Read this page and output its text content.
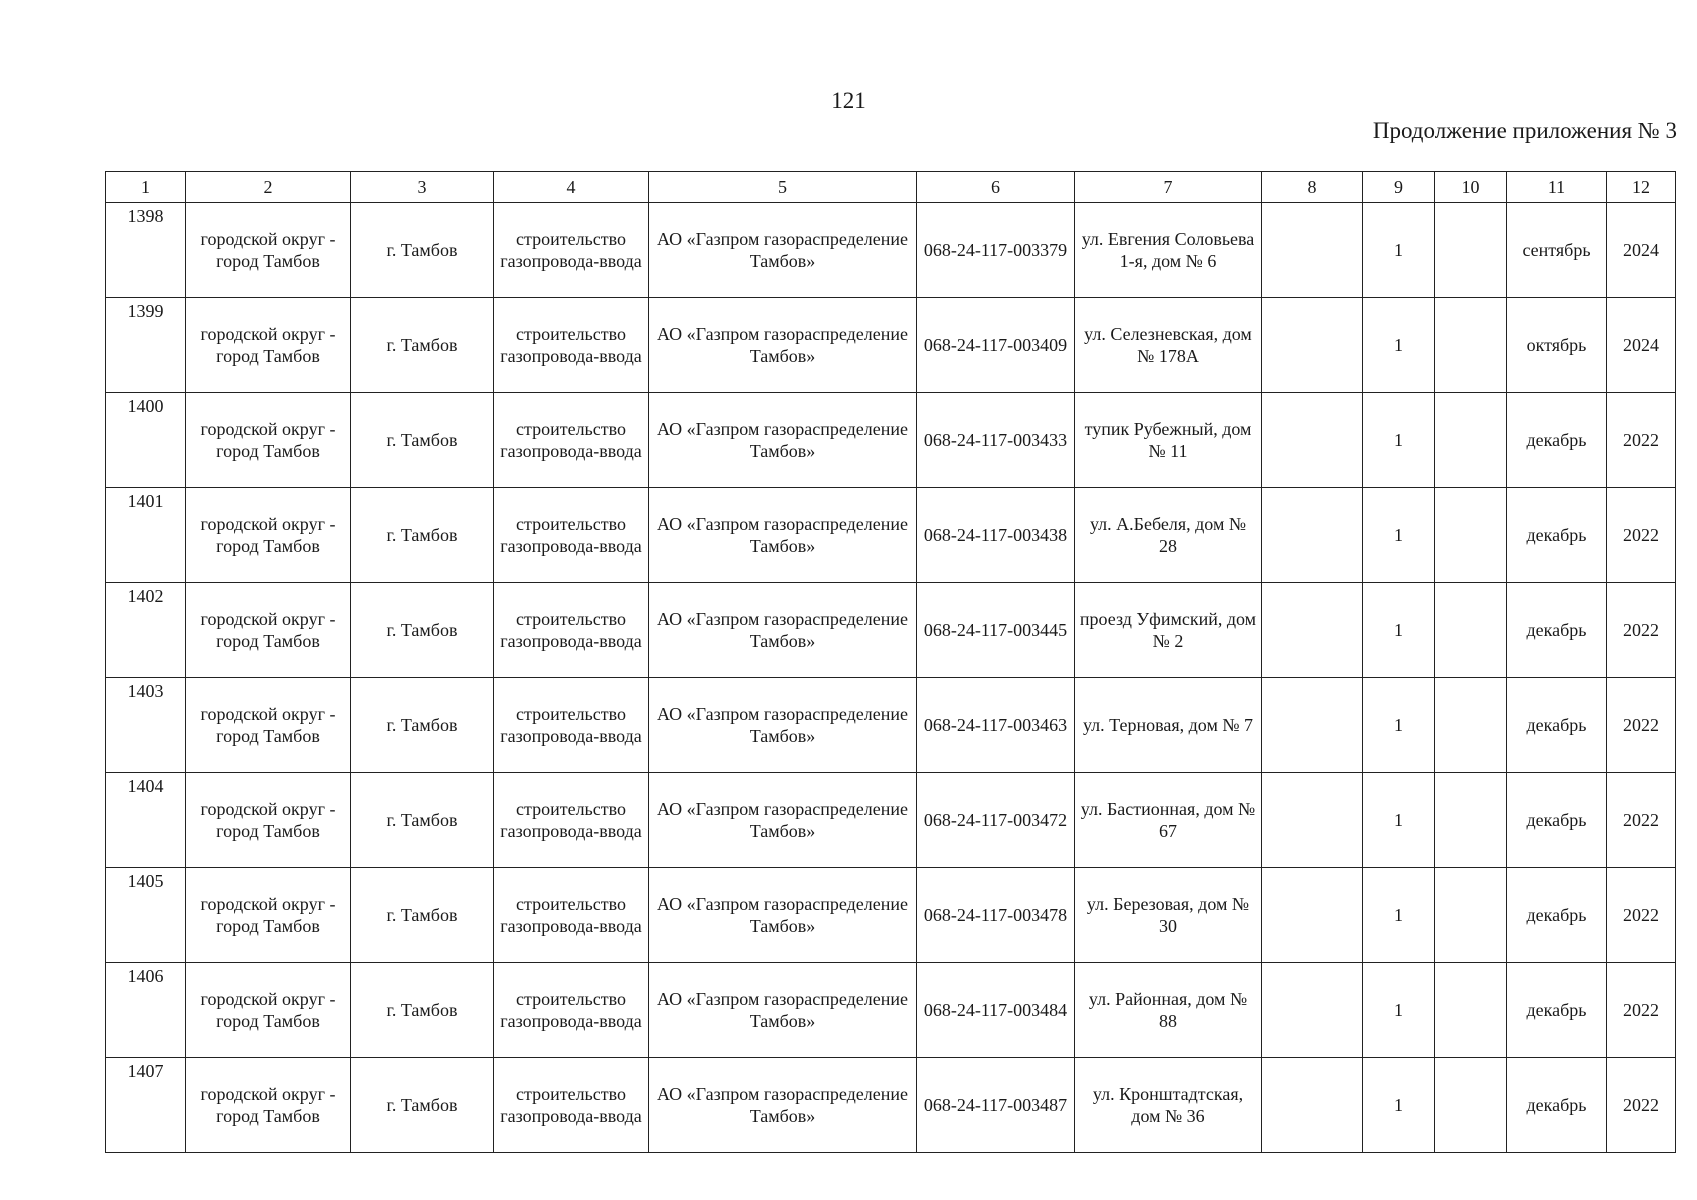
121
Продолжение приложения № 3
1	2	3	4	5	6	7	8	9	10	11	12
1398	городской округ - город Тамбов	г. Тамбов	строительство газопровода-ввода	АО «Газпром газораспределение Тамбов»	068-24-117-003379	ул. Евгения Соловьева 1-я, дом № 6		1		сентябрь	2024
1399	городской округ - город Тамбов	г. Тамбов	строительство газопровода-ввода	АО «Газпром газораспределение Тамбов»	068-24-117-003409	ул. Селезневская, дом № 178А		1		октябрь	2024
1400	городской округ - город Тамбов	г. Тамбов	строительство газопровода-ввода	АО «Газпром газораспределение Тамбов»	068-24-117-003433	тупик Рубежный, дом № 11		1		декабрь	2022
1401	городской округ - город Тамбов	г. Тамбов	строительство газопровода-ввода	АО «Газпром газораспределение Тамбов»	068-24-117-003438	ул. А.Бебеля, дом № 28		1		декабрь	2022
1402	городской округ - город Тамбов	г. Тамбов	строительство газопровода-ввода	АО «Газпром газораспределение Тамбов»	068-24-117-003445	проезд Уфимский, дом № 2		1		декабрь	2022
1403	городской округ - город Тамбов	г. Тамбов	строительство газопровода-ввода	АО «Газпром газораспределение Тамбов»	068-24-117-003463	ул. Терновая, дом № 7		1		декабрь	2022
1404	городской округ - город Тамбов	г. Тамбов	строительство газопровода-ввода	АО «Газпром газораспределение Тамбов»	068-24-117-003472	ул. Бастионная, дом № 67		1		декабрь	2022
1405	городской округ - город Тамбов	г. Тамбов	строительство газопровода-ввода	АО «Газпром газораспределение Тамбов»	068-24-117-003478	ул. Березовая, дом № 30		1		декабрь	2022
1406	городской округ - город Тамбов	г. Тамбов	строительство газопровода-ввода	АО «Газпром газораспределение Тамбов»	068-24-117-003484	ул. Районная, дом № 88		1		декабрь	2022
1407	городской округ - город Тамбов	г. Тамбов	строительство газопровода-ввода	АО «Газпром газораспределение Тамбов»	068-24-117-003487	ул. Кронштадтская, дом № 36		1		декабрь	2022
